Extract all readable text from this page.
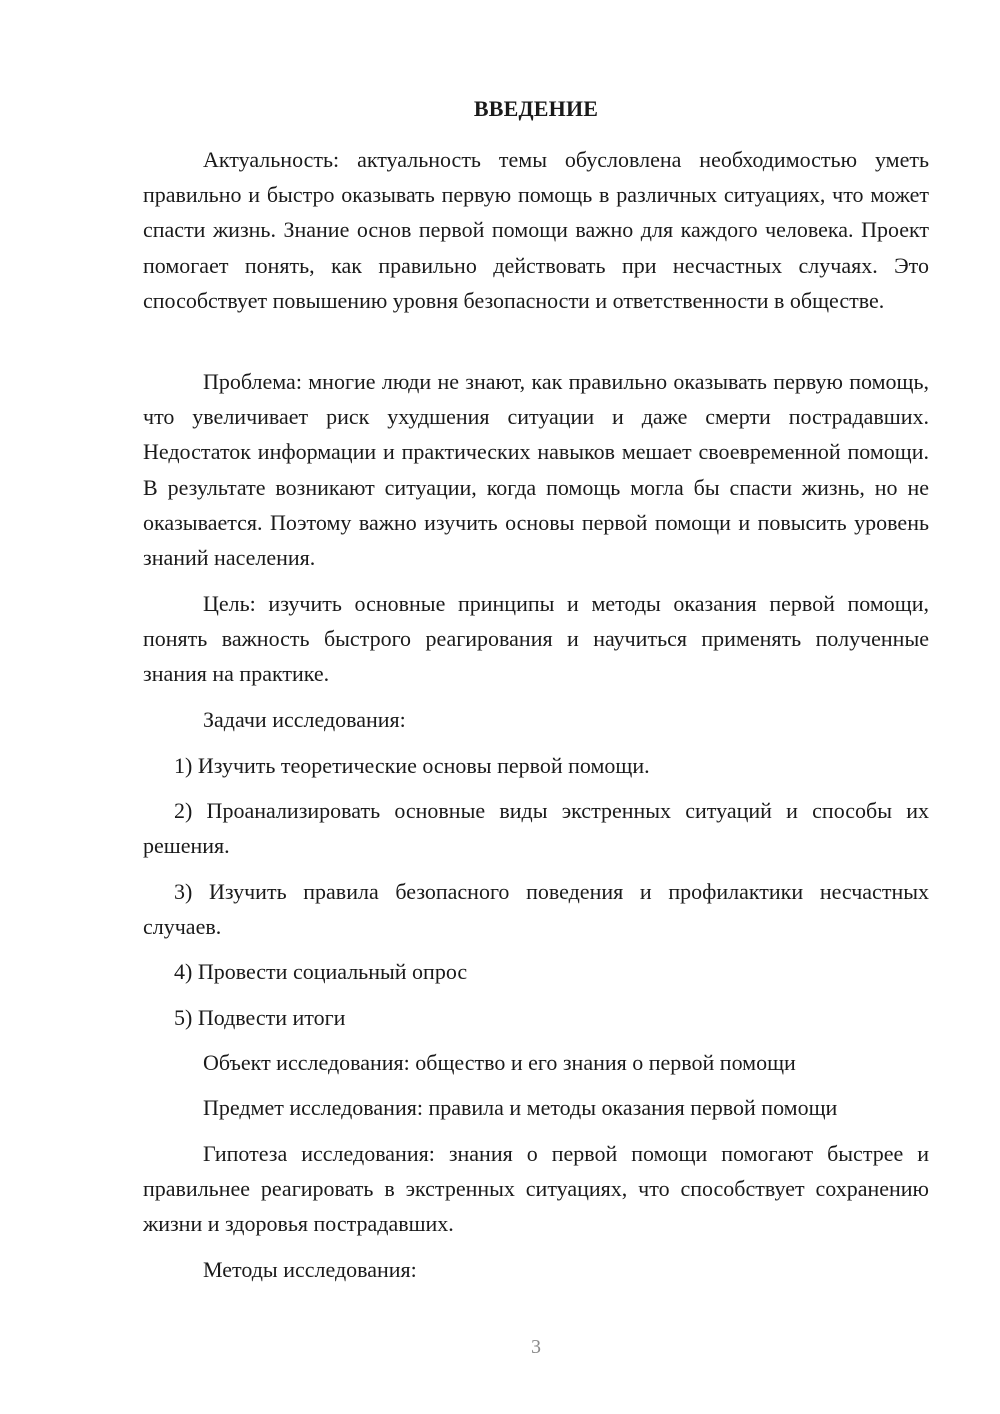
ВВЕДЕНИЕ

Актуальность: актуальность темы обусловлена необходимостью уметь правильно и быстро оказывать первую помощь в различных ситуациях, что может спасти жизнь. Знание основ первой помощи важно для каждого человека. Проект помогает понять, как правильно действовать при несчастных случаях. Это способствует повышению уровня безопасности и ответственности в обществе.

Проблема: многие люди не знают, как правильно оказывать первую помощь, что увеличивает риск ухудшения ситуации и даже смерти пострадавших. Недостаток информации и практических навыков мешает своевременной помощи. В результате возникают ситуации, когда помощь могла бы спасти жизнь, но не оказывается. Поэтому важно изучить основы первой помощи и повысить уровень знаний населения.

Цель: изучить основные принципы и методы оказания первой помощи, понять важность быстрого реагирования и научиться применять полученные знания на практике.

Задачи исследования:

1) Изучить теоретические основы первой помощи.

2) Проанализировать основные виды экстренных ситуаций и способы их решения.

3) Изучить правила безопасного поведения и профилактики несчастных случаев.

4) Провести социальный опрос

5) Подвести итоги

Объект исследования: общество и его знания о первой помощи

Предмет исследования: правила и методы оказания первой помощи

Гипотеза исследования: знания о первой помощи помогают быстрее и правильнее реагировать в экстренных ситуациях, что способствует сохранению жизни и здоровья пострадавших.

Методы исследования:

3
